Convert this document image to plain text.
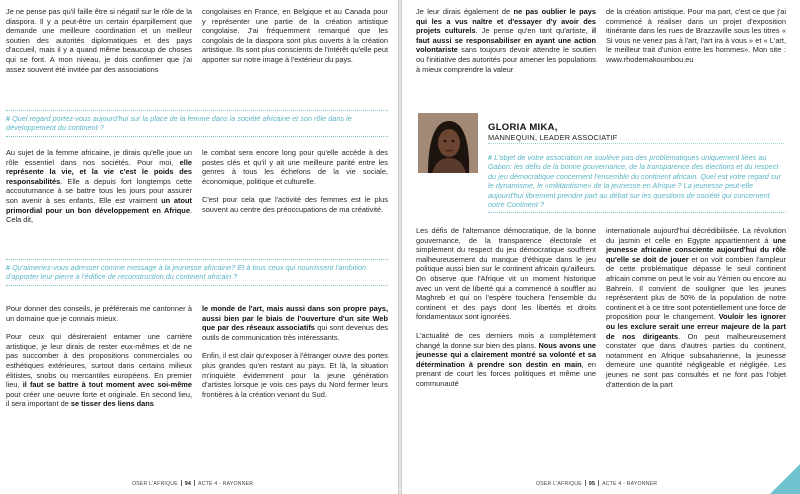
Je ne pense pas qu'il faille être si négatif sur le rôle de la diaspora. Il y a peut-être un certain éparpillement que demande une meilleure coordination et un meilleur soutien des autorités diplomatiques et des pays d'accueil, mais il y a quand même beaucoup de choses qui se font. A mon niveau, je dois confirmer que j'ai assez souvent été invitée par des associations

congolaises en France, en Belgique et au Canada pour y représenter une partie de la création artistique congolaise. J'ai fréquemment remarqué que les congolais de la diaspora sont plus ouverts à la création artistique. Ils sont plus conscients de l'intérêt qu'elle peut apporter sur notre image à l'extérieur du pays.

# Quel regard portez-vous aujourd'hui sur la place de la femme dans la société africaine et son rôle dans le développement du continent ?

Au sujet de la femme africaine, je dirais qu'elle joue un rôle essentiel dans nos sociétés. Pour moi, elle représente la vie, et la vie c'est le poids des responsabilités. Elle a depuis fort longtemps cette accoutumance à se battre tous les jours pour assurer son avenir à ses enfants. Elle est vraiment un atout primordial pour un bon développement en Afrique. Cela dit,

le combat sera encore long pour qu'elle accède à des postes clés et qu'il y ait une meilleure parité entre les genres à tous les échelons de la vie sociale, économique, politique et culturelle.

C'est pour cela que l'activité des femmes est le plus souvent au centre des préoccupations de ma créativité.

# Qu'aimeriez-vous adresser comme message à la jeunesse africaine? Et à tous ceux qui nourrissent l'ambition d'apporter leur pierre à l'édifice de reconstruction du continent africain ?

Pour donner des conseils, je préférerais me cantonner à un domaine que je connais mieux.

Pour ceux qui désireraient entamer une carrière artistique, je leur dirais de rester eux-mêmes et de ne pas succomber à des propositions commerciales ou esthétiques extérieures, surtout dans certains milieux élitistes, snobs ou mercantiles européens. En premier lieu, il faut se battre à tout moment avec soi-même pour créer une oeuvre forte et originale. En second lieu, il sera important de se tisser des liens dans

le monde de l'art, mais aussi dans son propre pays, aussi bien par le biais de l'ouverture d'un site Web que par des réseaux associatifs qui sont devenus des outils de communication très intéressants.

Enfin, il est clair qu'exposer à l'étranger ouvre des portes plus grandes qu'en restant au pays. Et là, la situation m'inquiète évidemment pour la jeune génération d'artistes lorsque je vois ces pays du Nord fermer leurs frontières à la création venant du Sud.

OSER L'AFRIQUE 94 ACTE 4 - RAYONNER

Je leur dirais également de ne pas oublier le pays qui les a vus naître et d'essayer d'y avoir des projets culturels. Je pense qu'en tant qu'artiste, il faut aussi se responsabiliser en ayant une action volontariste sans toujours devoir attendre le soutien ou l'initiative des autorités pour amener les populations à mieux comprendre la valeur

de la création artistique. Pour ma part, c'est ce que j'ai commencé à réaliser dans un projet d'exposition itinérante dans les rues de Brazzaville sous les titres « Si vous ne venez pas à l'art, l'art ira à vous » et « L'art, le meilleur trait d'union entre les hommes». Mon site : www.rhodemakoumbou.eu

GLORIA MIKA,
MANNEQUIN, LEADER ASSOCIATIF
# L'objet de votre association ne soulève pas des problématiques uniquement liées au Gabon: les défis de la bonne gouvernance, de la transparence des élections et du respect du jeu démocratique concernent l'ensemble du continent africain. Quel est votre regard sur le dynamisme, le «militantisme» de la jeunesse en Afrique ? La jeunesse peut-elle aujourd'hui librement prendre part au débat sur les questions de société qui concernent notre Continent ?

Les défis de l'alternance démocratique, de la bonne gouvernance, de la transparence électorale et simplement du respect du jeu démocratique souffrent malheureusement du manque d'éthique dans le jeu politique aussi bien sur le continent africain qu'ailleurs. On observe que l'Afrique vit un moment historique avec un vent de liberté qui a commencé à souffler au Maghreb et qui on l'espère touchera l'ensemble du continent et des pays dont les libertés et droits fondamentaux sont ignorées.

L'actualité de ces derniers mois a complètement changé la donne sur bien des plans. Nous avons une jeunesse qui a clairement montré sa volonté et sa détermination à prendre son destin en main, en prenant de court les forces politiques et même une communauté

internationale aujourd'hui décrédibilisée. La révolution du jasmin et celle en Egypte appartiennent à une jeunesse africaine consciente aujourd'hui du rôle qu'elle se doit de jouer et on voit combien l'ampleur de cette problématique dépasse le seul continent africain comme on peut le voir au Yémen ou encore au Bahrein. Il convient de souligner que les jeunes représentent plus de 50% de la population de notre continent et à ce titre sont potentiellement une force de proposition pour le changement. Vouloir les ignorer ou les exclure serait une erreur majeure de la part de nos dirigeants. On peut malheureusement constater que dans d'autres parties du continent, notamment en Afrique subsaharienne, la jeunesse demeure une quantité négligeable et négligée. Les jeunes ne sont pas consultés et ne font pas l'objet d'attention de la part

OSER L'AFRIQUE 95 ACTE 4 - RAYONNER
